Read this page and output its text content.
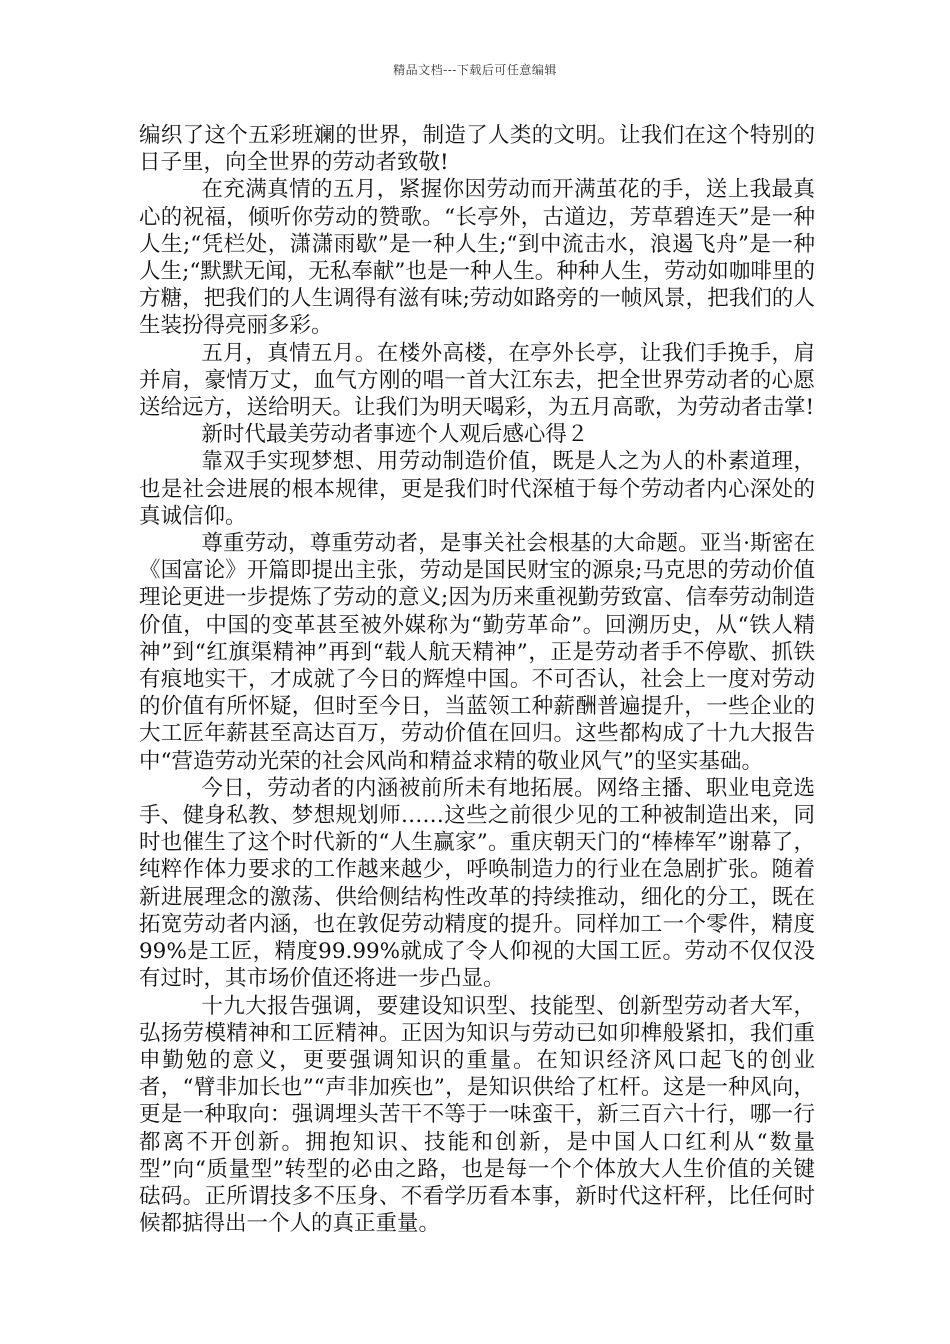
精品文档---下载后可任意编辑

编织了这个五彩班斓的世界，制造了人类的文明。让我们在这个特别的日子里，向全世界的劳动者致敬!

在充满真情的五月，紧握你因劳动而开满茧花的手，送上我最真心的祝福，倾听你劳动的赞歌。“长亭外，古道边，芳草碧连天”是一种人生;“凭栏处，潇潇雨歇”是一种人生;“到中流击水，浪遏飞舟”是一种人生;“默默无闻，无私奉献”也是一种人生。种种人生，劳动如咖啡里的方糖，把我们的人生调得有滋有味;劳动如路旁的一帧风景，把我们的人生装扮得亮丽多彩。

五月，真情五月。在楼外高楼，在亭外长亭，让我们手挽手，肩并肩，豪情万丈，血气方刚的唱一首大江东去，把全世界劳动者的心愿送给远方，送给明天。让我们为明天喝彩，为五月高歌，为劳动者击掌!

新时代最美劳动者事迹个人观后感心得２

靠双手实现梦想、用劳动制造价值，既是人之为人的朴素道理，也是社会进展的根本规律，更是我们时代深植于每个劳动者内心深处的真诚信仰。

尊重劳动，尊重劳动者，是事关社会根基的大命题。亚当·斯密在《国富论》开篇即提出主张，劳动是国民财宝的源泉;马克思的劳动价值理论更进一步提炼了劳动的意义;因为历来重视勤劳致富、信奉劳动制造价值，中国的变革甚至被外媒称为“勤劳革命”。回溯历史，从“铁人精神”到“红旗渠精神”再到“载人航天精神”，正是劳动者手不停歇、抓铁有痕地实干，才成就了今日的辉煌中国。不可否认，社会上一度对劳动的价值有所怀疑，但时至今日，当蓝领工种薪酬普遍提升，一些企业的大工匠年薪甚至高达百万，劳动价值在回归。这些都构成了十九大报告中“营造劳动光荣的社会风尚和精益求精的敬业风气”的坚实基础。

今日，劳动者的内涵被前所未有地拓展。网络主播、职业电竞选手、健身私教、梦想规划师……这些之前很少见的工种被制造出来，同时也催生了这个时代新的“人生赢家”。重庆朝天门的“棒棒军”谢幕了，纯粹作体力要求的工作越来越少，呼唤制造力的行业在急剧扩张。随着新进展理念的激荡、供给侧结构性改革的持续推动，细化的分工，既在拓宽劳动者内涵，也在敦促劳动精度的提升。同样加工一个零件，精度99%是工匠，精度99.99%就成了令人仰视的大国工匠。劳动不仅仅没有过时，其市场价值还将进一步凸显。

十九大报告强调，要建设知识型、技能型、创新型劳动者大军，弘扬劳模精神和工匠精神。正因为知识与劳动已如卯榫般紧扣，我们重申勤勉的意义，更要强调知识的重量。在知识经济风口起飞的创业者，“臂非加长也”“声非加疾也”，是知识供给了杠杆。这是一种风向，更是一种取向：强调埋头苦干不等于一味蛮干，新三百六十行，哪一行都离不开创新。拥抱知识、技能和创新，是中国人口红利从“数量型”向“质量型”转型的必由之路，也是每一个个体放大人生价值的关键砝码。正所谓技多不压身、不看学历看本事，新时代这杆秤，比任何时候都掂得出一个人的真正重量。
